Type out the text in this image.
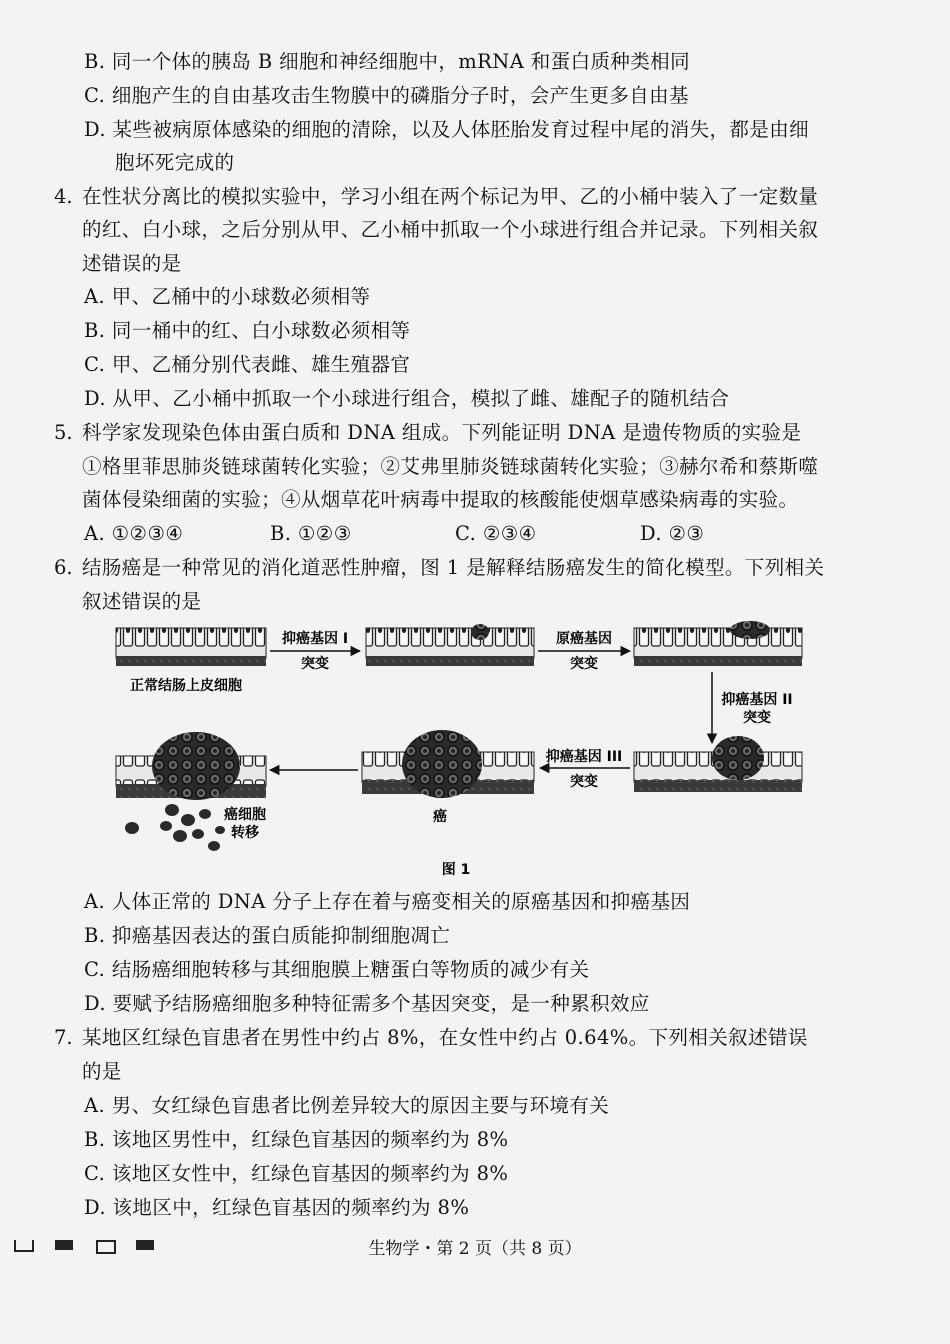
B. 同一个体的胰岛 B 细胞和神经细胞中，mRNA 和蛋白质种类相同
C. 细胞产生的自由基攻击生物膜中的磷脂分子时，会产生更多自由基
D. 某些被病原体感染的细胞的清除，以及人体胚胎发育过程中尾的消失，都是由细
胞坏死完成的
4. 在性状分离比的模拟实验中，学习小组在两个标记为甲、乙的小桶中装入了一定数量
的红、白小球，之后分别从甲、乙小桶中抓取一个小球进行组合并记录。下列相关叙
述错误的是
A. 甲、乙桶中的小球数必须相等
B. 同一桶中的红、白小球数必须相等
C. 甲、乙桶分别代表雌、雄生殖器官
D. 从甲、乙小桶中抓取一个小球进行组合，模拟了雌、雄配子的随机结合
5. 科学家发现染色体由蛋白质和 DNA 组成。下列能证明 DNA 是遗传物质的实验是
①格里菲思肺炎链球菌转化实验；②艾弗里肺炎链球菌转化实验；③赫尔希和蔡斯噬
菌体侵染细菌的实验；④从烟草花叶病毒中提取的核酸能使烟草感染病毒的实验。
A. ①②③④	B. ①②③	C. ②③④	D. ②③
6. 结肠癌是一种常见的消化道恶性肿瘤，图 1 是解释结肠癌发生的简化模型。下列相关
叙述错误的是
正常结肠上皮细胞
抑癌基因 I
突变
原癌基因
突变
抑癌基因 II
突变
抑癌基因 III
突变
癌
癌细胞
转移
图 1
A. 人体正常的 DNA 分子上存在着与癌变相关的原癌基因和抑癌基因
B. 抑癌基因表达的蛋白质能抑制细胞凋亡
C. 结肠癌细胞转移与其细胞膜上糖蛋白等物质的减少有关
D. 要赋予结肠癌细胞多种特征需多个基因突变，是一种累积效应
7. 某地区红绿色盲患者在男性中约占 8%，在女性中约占 0.64%。下列相关叙述错误
的是
A. 男、女红绿色盲患者比例差异较大的原因主要与环境有关
B. 该地区男性中，红绿色盲基因的频率约为 8%
C. 该地区女性中，红绿色盲基因的频率约为 8%
D. 该地区中，红绿色盲基因的频率约为 8%
生物学・第 2 页（共 8 页）
